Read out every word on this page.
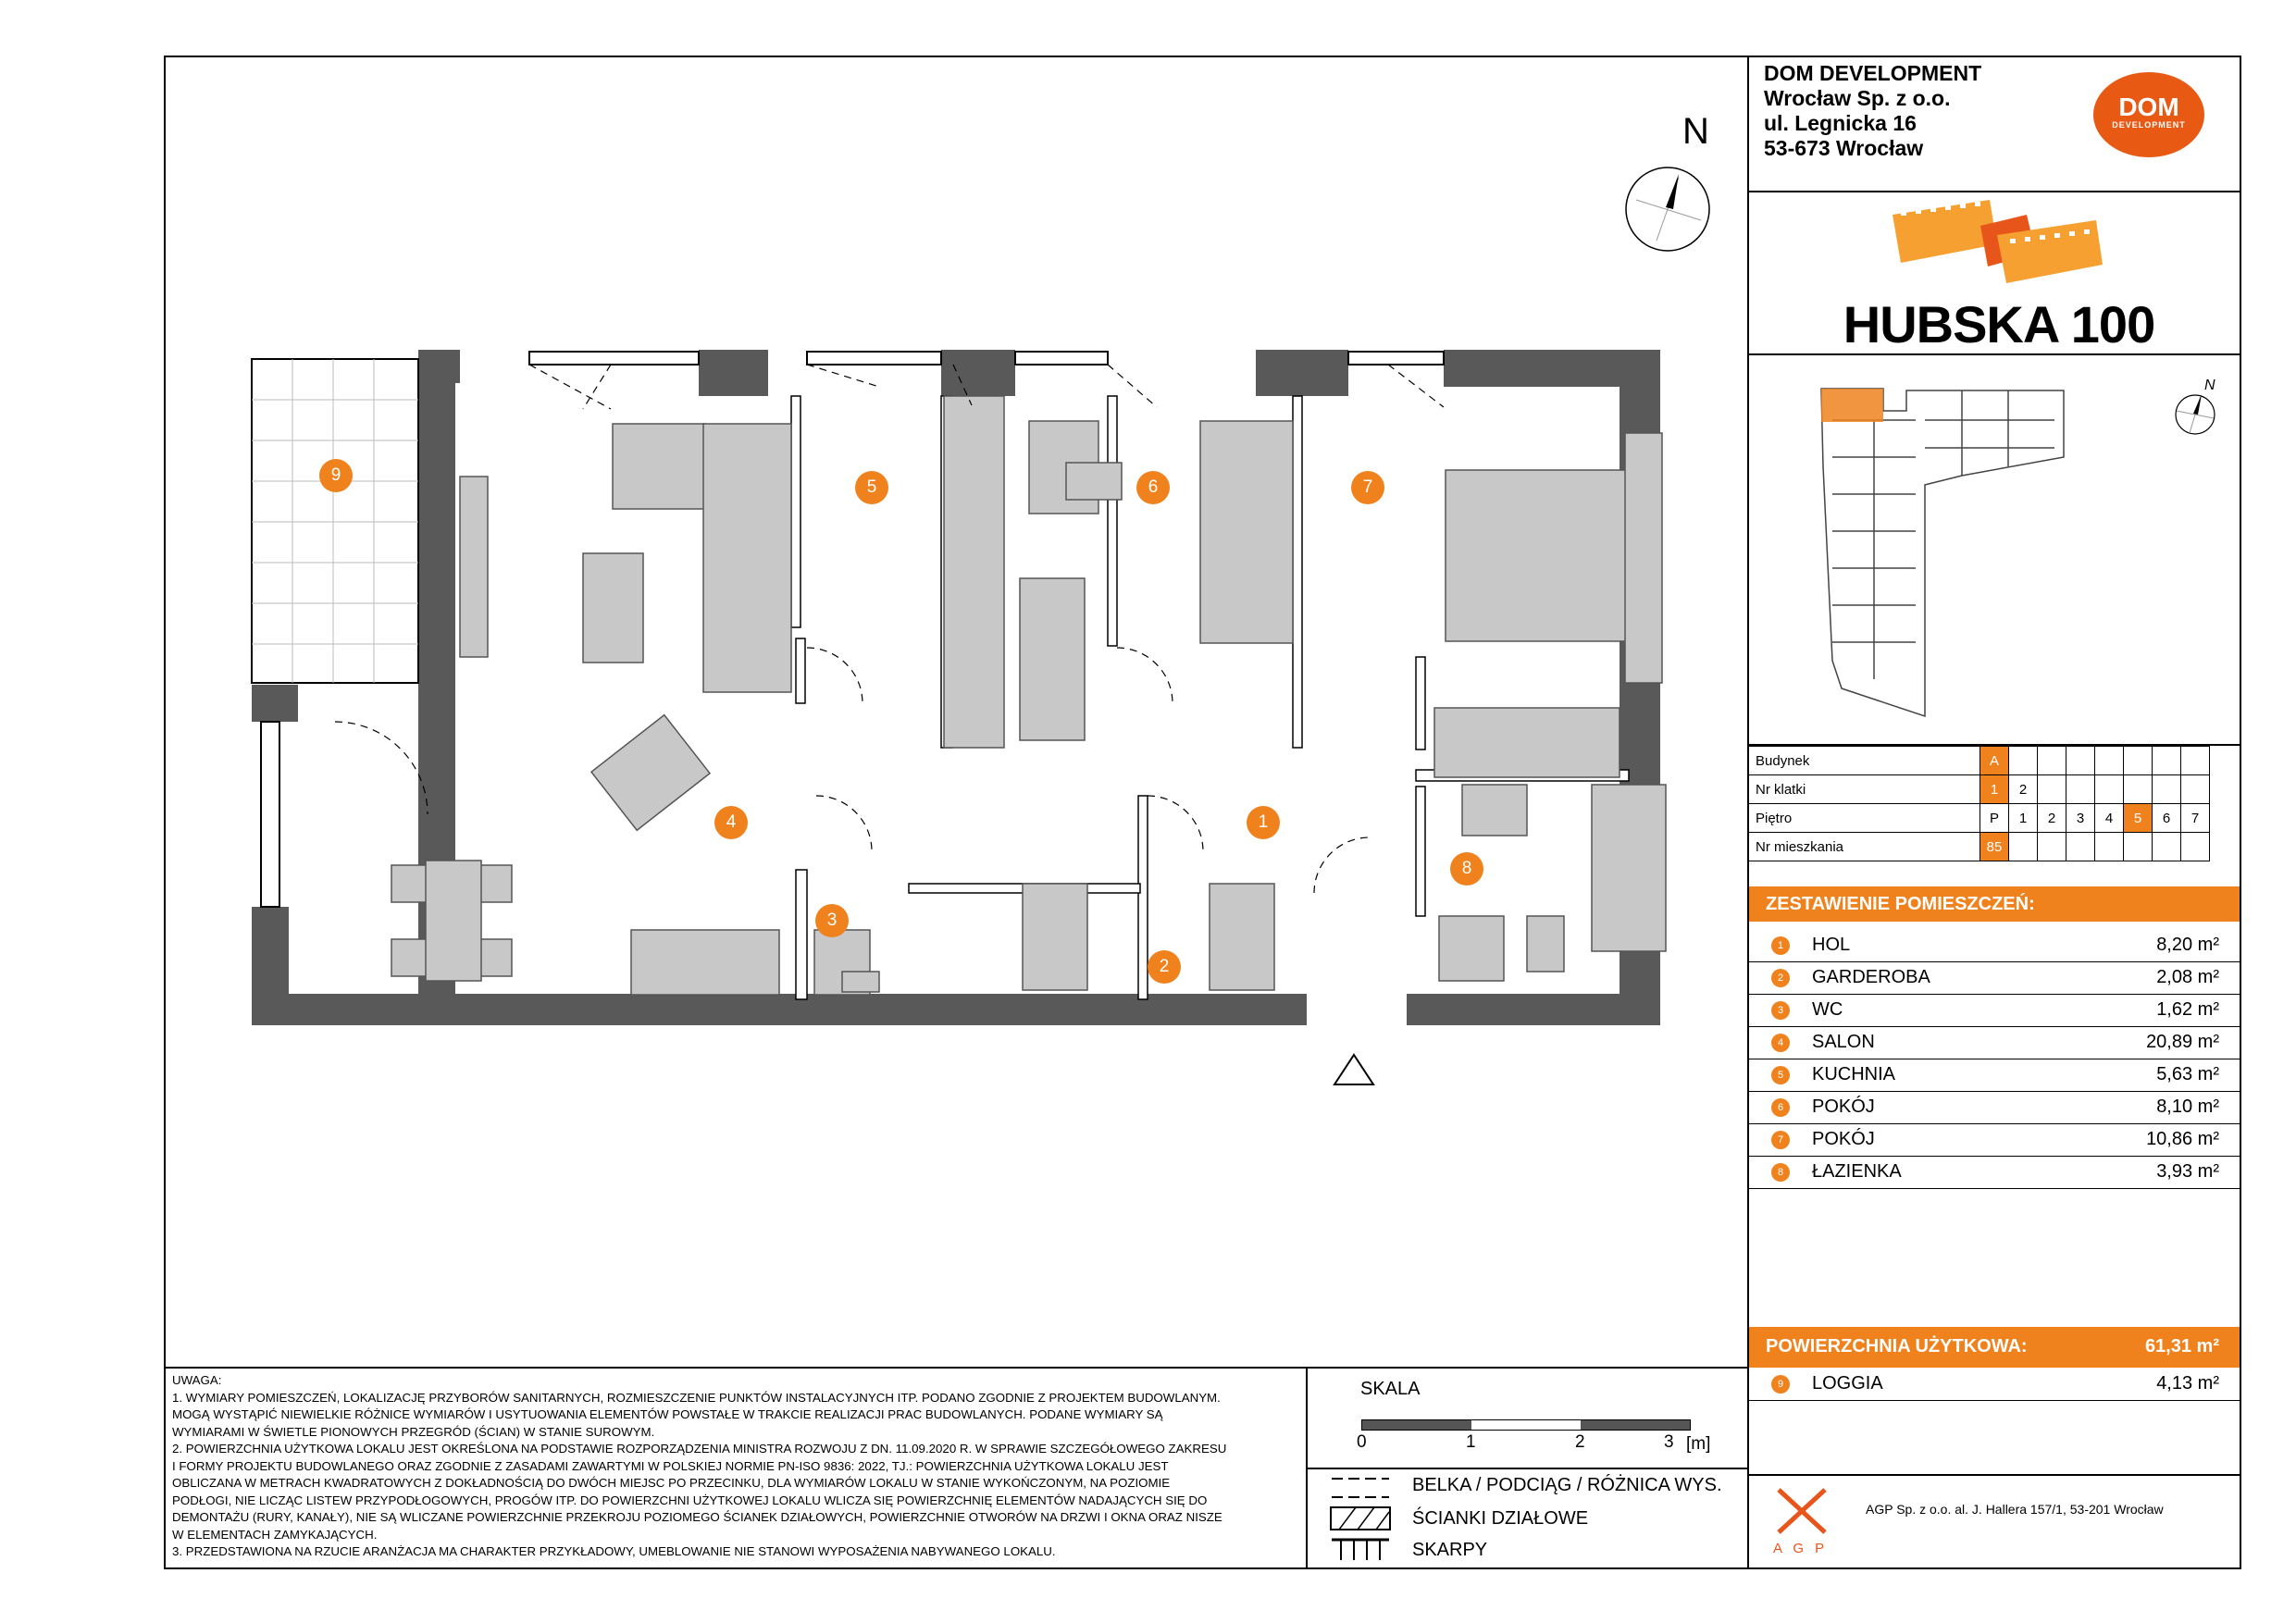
DOM DEVELOPMENT
Wrocław Sp. z o.o.
ul. Legnicka 16
53-673 Wrocław
DOM
DEVELOPMENT
HUBSKA 100
1
2
3
4
5	6	7
8
9
N
N
Budynek	A							
Nr klatki	1	2						
Piętro	P	1	2	3	4	5	6	7
Nr mieszkania	85							
ZESTAWIENIE POMIESZCZEŃ:
1	HOL	8,20 m²
2	GARDEROBA	2,08 m²
3	WC	1,62 m²
4	SALON	20,89 m²
5	KUCHNIA	5,63 m²
6	POKÓJ	8,10 m²
7	POKÓJ	10,86 m²
8	ŁAZIENKA	3,93 m²
POWIERZCHNIA UŻYTKOWA:	61,31 m²
9	LOGGIA	4,13 m²
UWAGA:
1. WYMIARY POMIESZCZEŃ, LOKALIZACJĘ PRZYBORÓW SANITARNYCH, ROZMIESZCZENIE PUNKTÓW INSTALACYJNYCH ITP. PODANO ZGODNIE Z PROJEKTEM BUDOWLANYM.
MOGĄ WYSTĄPIĆ NIEWIELKIE RÓŻNICE WYMIARÓW I USYTUOWANIA ELEMENTÓW POWSTAŁE W TRAKCIE REALIZACJI PRAC BUDOWLANYCH. PODANE WYMIARY SĄ
WYMIARAMI W ŚWIETLE PIONOWYCH PRZEGRÓD (ŚCIAN) W STANIE SUROWYM.
2. POWIERZCHNIA UŻYTKOWA LOKALU JEST OKREŚLONA NA PODSTAWIE ROZPORZĄDZENIA MINISTRA ROZWOJU Z DN. 11.09.2020 R. W SPRAWIE SZCZEGÓŁOWEGO ZAKRESU
I FORMY PROJEKTU BUDOWLANEGO ORAZ ZGODNIE Z ZASADAMI ZAWARTYMI W POLSKIEJ NORMIE PN-ISO 9836: 2022, TJ.: POWIERZCHNIA UŻYTKOWA LOKALU JEST
OBLICZANA W METRACH KWADRATOWYCH Z DOKŁADNOŚCIĄ DO DWÓCH MIEJSC PO PRZECINKU, DLA WYMIARÓW LOKALU W STANIE WYKOŃCZONYM, NA POZIOMIE
PODŁOGI, NIE LICZĄC LISTEW PRZYPODŁOGOWYCH, PROGÓW ITP. DO POWIERZCHNI UŻYTKOWEJ LOKALU WLICZA SIĘ POWIERZCHNIĘ ELEMENTÓW NADAJĄCYCH SIĘ DO
DEMONTAŻU (RURY, KANAŁY), NIE SĄ WLICZANE POWIERZCHNIE PRZEKROJU POZIOMEGO ŚCIANEK DZIAŁOWYCH, POWIERZCHNIE OTWORÓW NA DRZWI I OKNA ORAZ NISZE
W ELEMENTACH ZAMYKAJĄCYCH.
3. PRZEDSTAWIONA NA RZUCIE ARANŻACJA MA CHARAKTER PRZYKŁADOWY, UMEBLOWANIE NIE STANOWI WYPOSAŻENIA NABYWANEGO LOKALU.
SKALA
0	1	2	3 [m]
BELKA / PODCIĄG / RÓŻNICA WYS.
ŚCIANKI DZIAŁOWE
SKARPY	A G P
AGP Sp. z o.o. al. J. Hallera 157/1, 53-201 Wrocław
